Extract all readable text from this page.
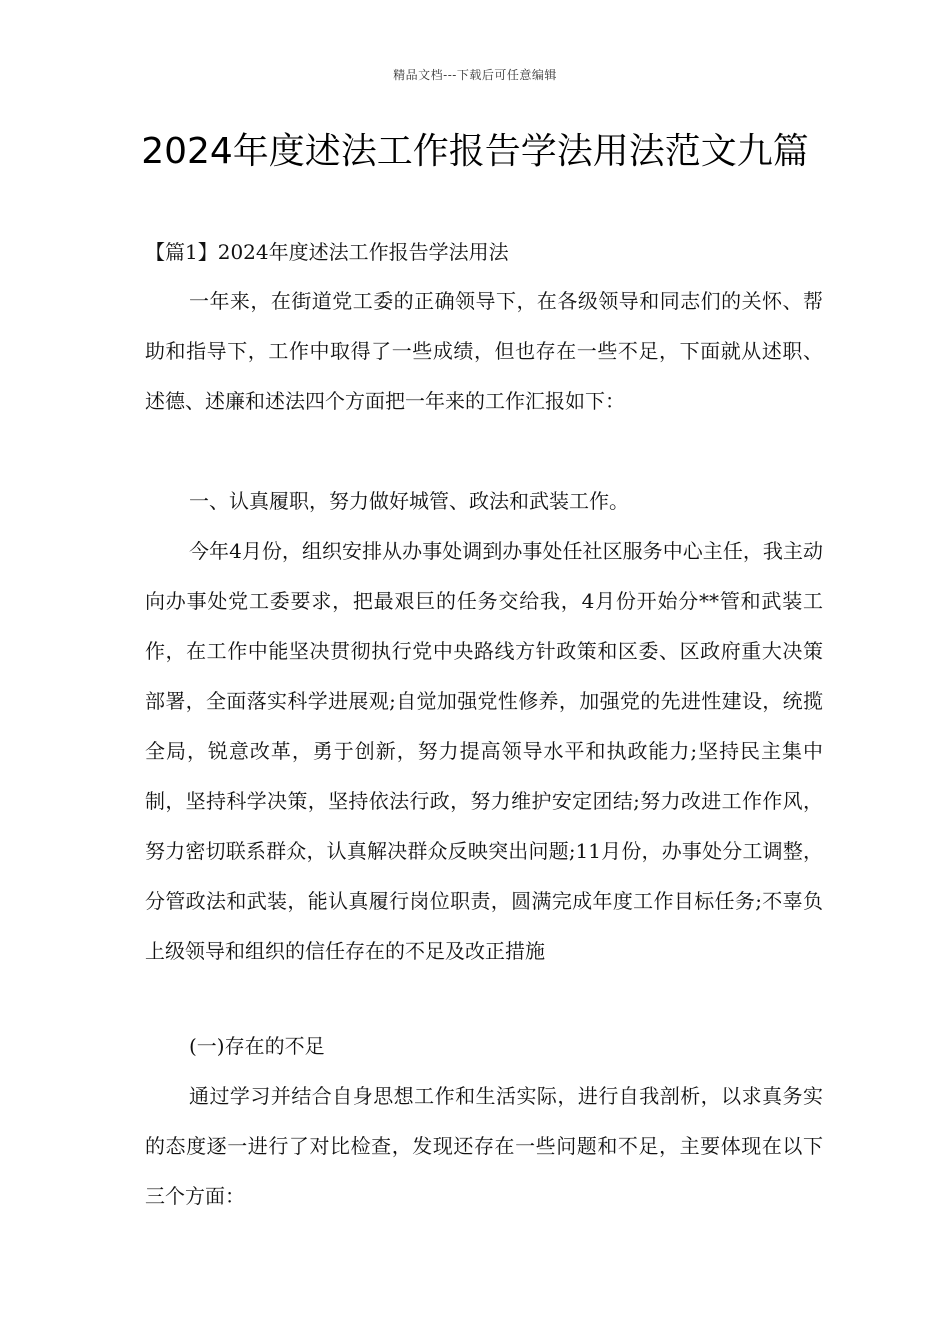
精品文档---下载后可任意编辑
2024年度述法工作报告学法用法范文九篇

【篇1】2024年度述法工作报告学法用法

一年来，在街道党工委的正确领导下，在各级领导和同志们的关怀、帮助和指导下，工作中取得了一些成绩，但也存在一些不足，下面就从述职、述德、述廉和述法四个方面把一年来的工作汇报如下：

一、认真履职，努力做好城管、政法和武装工作。

今年4月份，组织安排从办事处调到办事处任社区服务中心主任，我主动向办事处党工委要求，把最艰巨的任务交给我，4月份开始分**管和武装工作，在工作中能坚决贯彻执行党中央路线方针政策和区委、区政府重大决策部署，全面落实科学进展观;自觉加强党性修养，加强党的先进性建设，统揽全局，锐意改革，勇于创新，努力提高领导水平和执政能力;坚持民主集中制，坚持科学决策，坚持依法行政，努力维护安定团结;努力改进工作作风，努力密切联系群众，认真解决群众反映突出问题;11月份，办事处分工调整，分管政法和武装，能认真履行岗位职责，圆满完成年度工作目标任务;不辜负上级领导和组织的信任存在的不足及改正措施

(一)存在的不足

通过学习并结合自身思想工作和生活实际，进行自我剖析，以求真务实的态度逐一进行了对比检查，发现还存在一些问题和不足，主要体现在以下三个方面：
